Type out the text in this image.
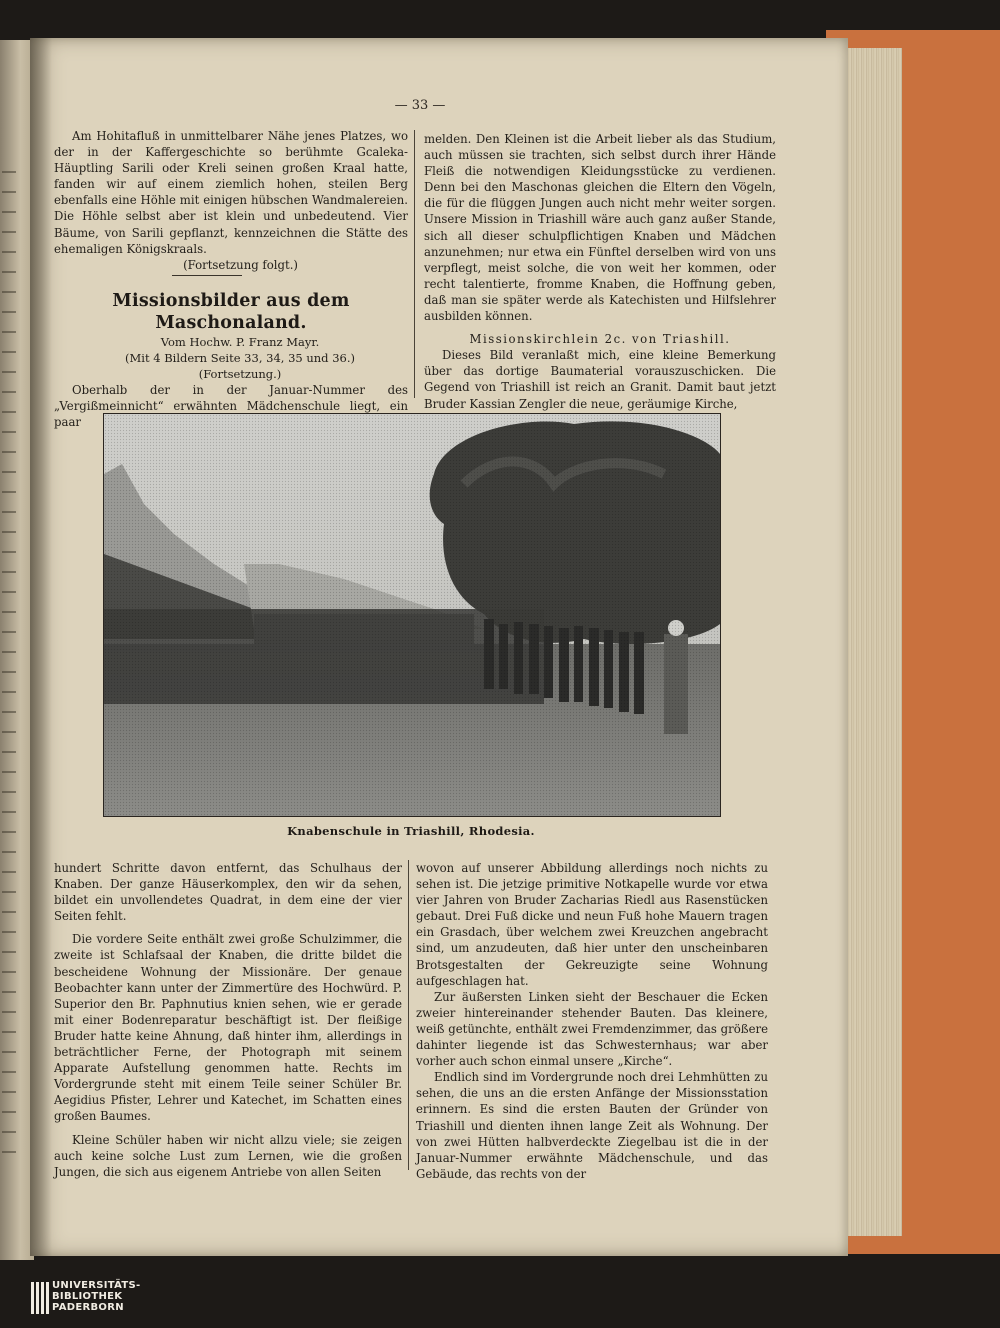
— 33 —

Am Hohitafluß in unmittelbarer Nähe jenes Platzes, wo der in der Kaffergeschichte so berühmte Gcaleka-Häuptling Sarili oder Kreli seinen großen Kraal hatte, fanden wir auf einem ziemlich hohen, steilen Berg ebenfalls eine Höhle mit einigen hübschen Wandmalereien. Die Höhle selbst aber ist klein und unbedeutend. Vier Bäume, von Sarili gepflanzt, kennzeichnen die Stätte des ehemaligen Königskraals.

(Fortsetzung folgt.)

Missionsbilder aus dem Maschonaland.

Vom Hochw. P. Franz Mayr.

(Mit 4 Bildern Seite 33, 34, 35 und 36.)

(Fortsetzung.)

Oberhalb der in der Januar-Nummer des „Vergißmeinnicht“ erwähnten Mädchenschule liegt, ein paar

melden. Den Kleinen ist die Arbeit lieber als das Studium, auch müssen sie trachten, sich selbst durch ihrer Hände Fleiß die notwendigen Kleidungsstücke zu verdienen. Denn bei den Maschonas gleichen die Eltern den Vögeln, die für die flüggen Jungen auch nicht mehr weiter sorgen. Unsere Mission in Triashill wäre auch ganz außer Stande, sich all dieser schulpflichtigen Knaben und Mädchen anzunehmen; nur etwa ein Fünftel derselben wird von uns verpflegt, meist solche, die von weit her kommen, oder recht talentierte, fromme Knaben, die Hoffnung geben, daß man sie später werde als Katechisten und Hilfslehrer ausbilden können.

Missionskirchlein 2c. von Triashill.

Dieses Bild veranlaßt mich, eine kleine Bemerkung über das dortige Baumaterial vorauszuschicken. Die Gegend von Triashill ist reich an Granit. Damit baut jetzt Bruder Kassian Zengler die neue, geräumige Kirche,

Knabenschule in Triashill, Rhodesia.

hundert Schritte davon entfernt, das Schulhaus der Knaben. Der ganze Häuserkomplex, den wir da sehen, bildet ein unvollendetes Quadrat, in dem eine der vier Seiten fehlt.

Die vordere Seite enthält zwei große Schulzimmer, die zweite ist Schlafsaal der Knaben, die dritte bildet die bescheidene Wohnung der Missionäre. Der genaue Beobachter kann unter der Zimmertüre des Hochwürd. P. Superior den Br. Paphnutius knien sehen, wie er gerade mit einer Bodenreparatur beschäftigt ist. Der fleißige Bruder hatte keine Ahnung, daß hinter ihm, allerdings in beträchtlicher Ferne, der Photograph mit seinem Apparate Aufstellung genommen hatte. Rechts im Vordergrunde steht mit einem Teile seiner Schüler Br. Aegidius Pfister, Lehrer und Katechet, im Schatten eines großen Baumes.

Kleine Schüler haben wir nicht allzu viele; sie zeigen auch keine solche Lust zum Lernen, wie die großen Jungen, die sich aus eigenem Antriebe von allen Seiten

wovon auf unserer Abbildung allerdings noch nichts zu sehen ist. Die jetzige primitive Notkapelle wurde vor etwa vier Jahren von Bruder Zacharias Riedl aus Rasenstücken gebaut. Drei Fuß dicke und neun Fuß hohe Mauern tragen ein Grasdach, über welchem zwei Kreuzchen angebracht sind, um anzudeuten, daß hier unter den unscheinbaren Brotsgestalten der Gekreuzigte seine Wohnung aufgeschlagen hat.

Zur äußersten Linken sieht der Beschauer die Ecken zweier hintereinander stehender Bauten. Das kleinere, weiß getünchte, enthält zwei Fremdenzimmer, das größere dahinter liegende ist das Schwesternhaus; war aber vorher auch schon einmal unsere „Kirche“.

Endlich sind im Vordergrunde noch drei Lehmhütten zu sehen, die uns an die ersten Anfänge der Missionsstation erinnern. Es sind die ersten Bauten der Gründer von Triashill und dienten ihnen lange Zeit als Wohnung. Der von zwei Hütten halbverdeckte Ziegelbau ist die in der Januar-Nummer erwähnte Mädchenschule, und das Gebäude, das rechts von der

UNIVERSITÄTS-
BIBLIOTHEK
PADERBORN
